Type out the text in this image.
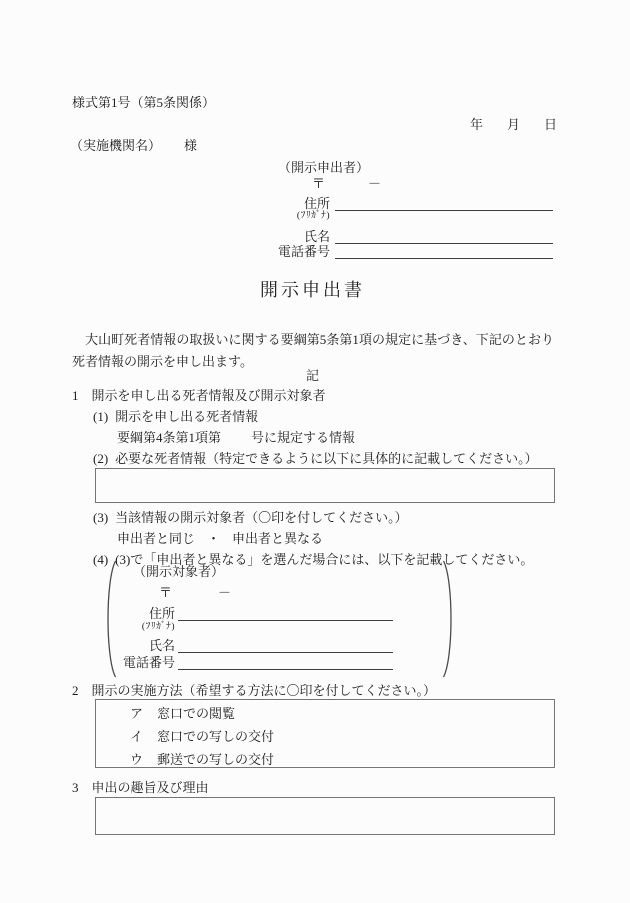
様式第1号（第5条関係）
年 月 日
（実施機関名） 様
（開示申出者）
〒	－
住所
(ﾌﾘｶﾞﾅ)
氏名
電話番号
開示申出書
　大山町死者情報の取扱いに関する要綱第5条第1項の規定に基づき、下記のとおり死者情報の開示を申し出ます。
記
1 開示を申し出る死者情報及び開示対象者
(1) 開示を申し出る死者情報
要綱第4条第1項第 号に規定する情報
(2) 必要な死者情報（特定できるように以下に具体的に記載してください。）
(3) 当該情報の開示対象者（〇印を付してください。）
申出者と同じ ・ 申出者と異なる
(4) (3)で「申出者と異なる」を選んだ場合には、以下を記載してください。
（開示対象者）
〒	－
住所
(ﾌﾘｶﾞﾅ)
氏名
電話番号
2 開示の実施方法（希望する方法に〇印を付してください。）
ア 窓口での閲覧
イ 窓口での写しの交付
ウ 郵送での写しの交付
3 申出の趣旨及び理由
